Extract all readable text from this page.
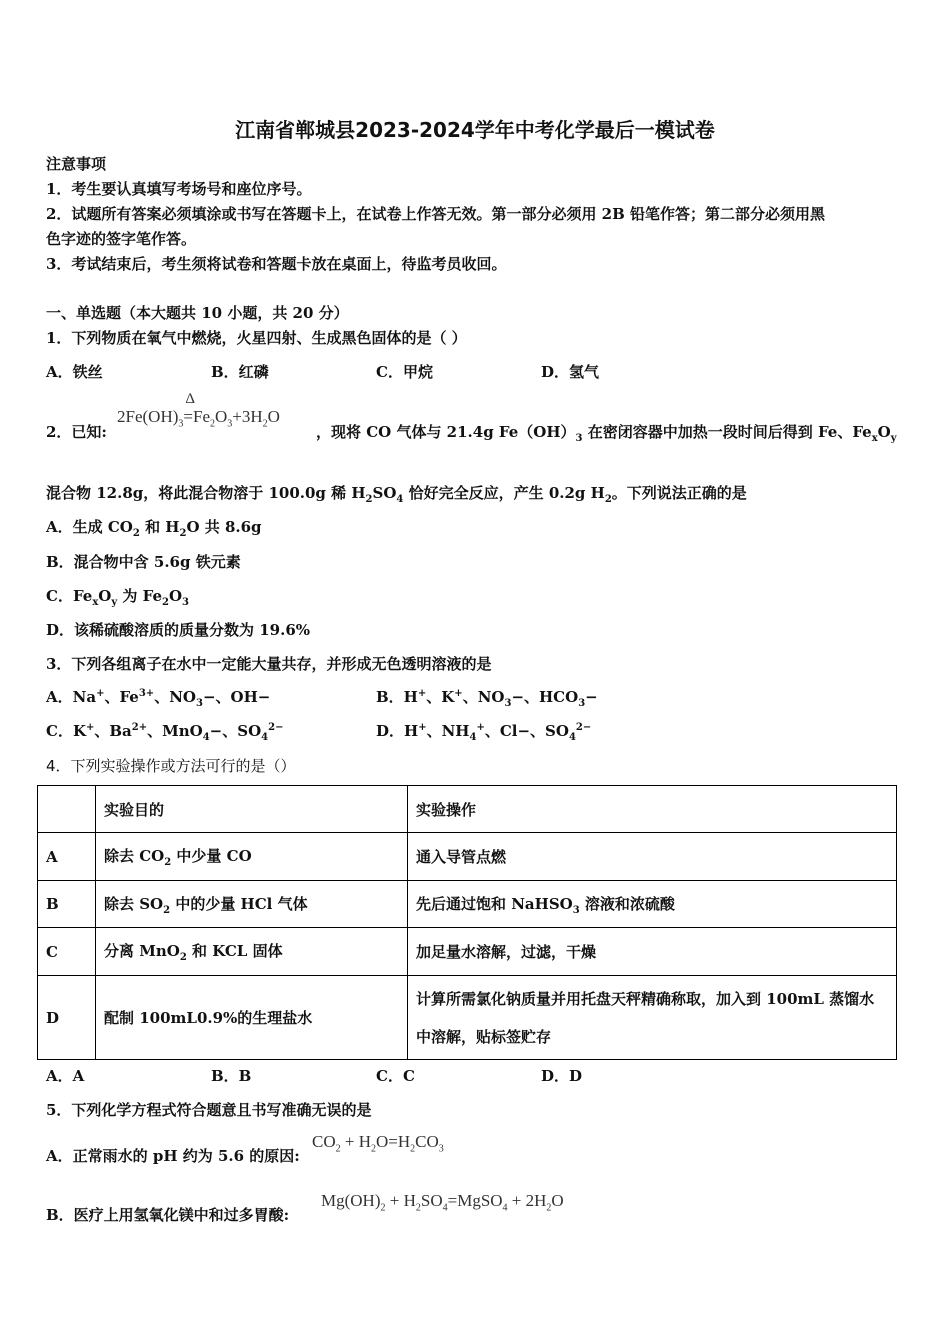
江南省郸城县2023-2024学年中考化学最后一模试卷
注意事项
1．考生要认真填写考场号和座位序号。
2．试题所有答案必须填涂或书写在答题卡上，在试卷上作答无效。第一部分必须用 2B 铅笔作答；第二部分必须用黑
色字迹的签字笔作答。
3．考试结束后，考生须将试卷和答题卡放在桌面上，待监考员收回。
一、单选题（本大题共 10 小题，共 20 分）
1．下列物质在氧气中燃烧，火星四射、生成黑色固体的是（ ）
A．铁丝	B．红磷	C．甲烷	D．氢气
2．已知:
$2Fe(OH)_3$
Δ
$=Fe_2O_3+3H_2O$
，现将 CO 气体与 21.4g $Fe(OH)_3$ 在密闭容器中加热一段时间后得到 Fe、$Fe_xO_y$
混合物 12.8g，将此混合物溶于 100.0g 稀 $H_2SO_4$ 恰好完全反应，产生 0.2g $H_2$。下列说法正确的是
A．生成 $CO_2$ 和 $H_2O$ 共 8.6g
B．混合物中含 5.6g 铁元素
C．$Fe_xO_y$ 为 $Fe_2O_3$
D．该稀硫酸溶质的质量分数为 19.6%
3．下列各组离子在水中一定能大量共存，并形成无色透明溶液的是
A．Na+、$Fe^{3+}$、$NO_3-$、OH−	B．H+、K+、$NO_3-$、$HCO_3-$
C．K+、$Ba^{2+}$、MnO$_4$−、$SO_4^{2-}$	D．H+、$NH_4^+$、Cl−、$SO_4^{2-}$
4．下列实验操作或方法可行的是（）
	实验目的	实验操作
A	除去 $CO_2$ 中少量 CO	通入导管点燃
B	除去 $SO_2$ 中的少量 HCl 气体	先后通过饱和 NaHSO$_3$ 溶液和浓硫酸
C	分离 MnO$_2$ 和 KCL 固体	加足量水溶解，过滤，干燥
D	配制 100mL0.9%的生理盐水	计算所需氯化钠质量并用托盘天秤精确称取，加入到 100mL 蒸馏水中溶解，贴标签贮存
A．A	B．B	C．C	D．D
5．下列化学方程式符合题意且书写准确无误的是
A．正常雨水的 pH 约为 5.6 的原因:
$CO_2 + H_2O=H_2CO_3$
B．医疗上用氢氧化镁中和过多胃酸:
$Mg(OH)_2$ + $H_2SO_4=MgSO_4 + 2H_2O$
